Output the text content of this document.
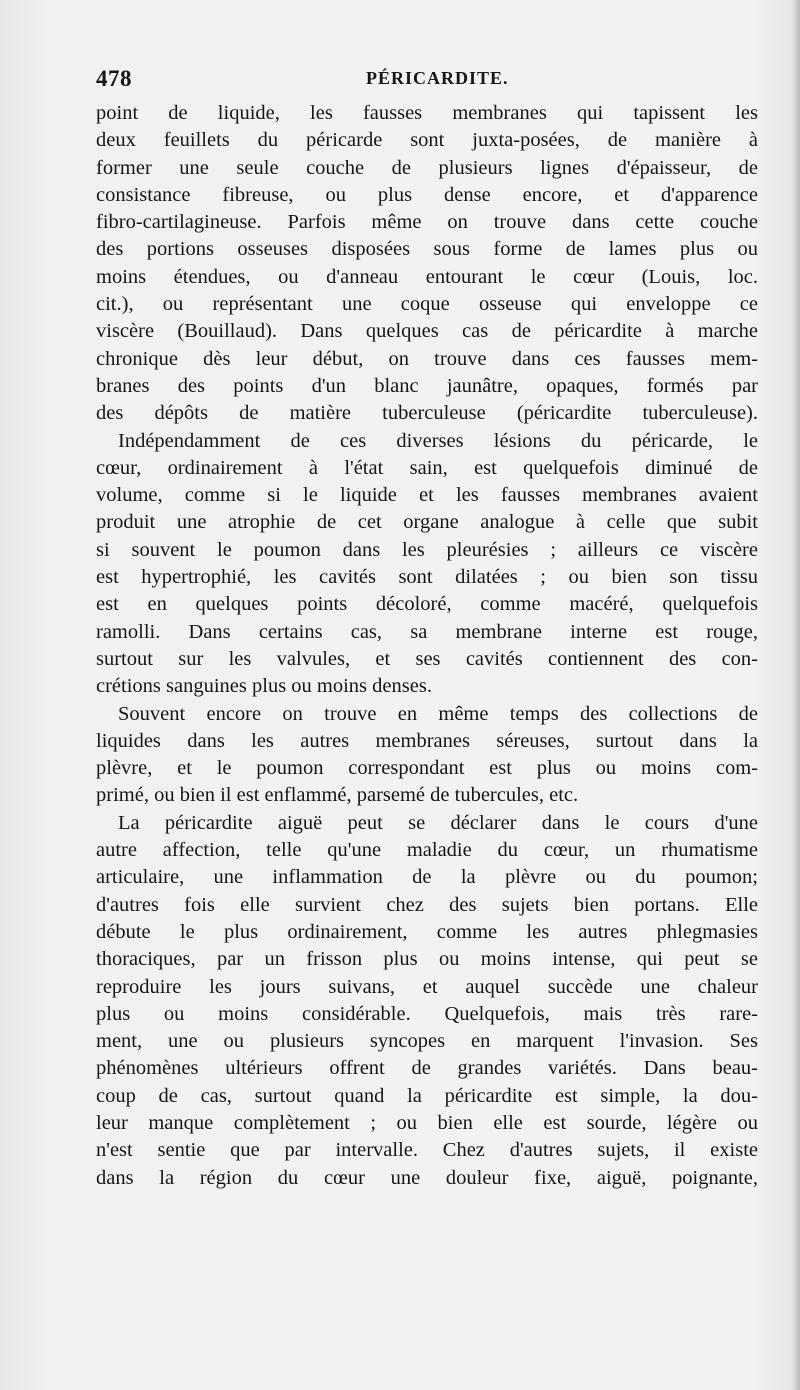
478	PÉRICARDITE.
point de liquide, les fausses membranes qui tapissent les
deux feuillets du péricarde sont juxta-posées, de manière à
former une seule couche de plusieurs lignes d'épaisseur, de
consistance fibreuse, ou plus dense encore, et d'apparence
fibro-cartilagineuse. Parfois même on trouve dans cette couche
des portions osseuses disposées sous forme de lames plus ou
moins étendues, ou d'anneau entourant le cœur (Louis, loc.
cit.), ou représentant une coque osseuse qui enveloppe ce
viscère (Bouillaud). Dans quelques cas de péricardite à marche
chronique dès leur début, on trouve dans ces fausses mem-
branes des points d'un blanc jaunâtre, opaques, formés par
des dépôts de matière tuberculeuse (péricardite tuberculeuse).
Indépendamment de ces diverses lésions du péricarde, le
cœur, ordinairement à l'état sain, est quelquefois diminué de
volume, comme si le liquide et les fausses membranes avaient
produit une atrophie de cet organe analogue à celle que subit
si souvent le poumon dans les pleurésies ; ailleurs ce viscère
est hypertrophié, les cavités sont dilatées ; ou bien son tissu
est en quelques points décoloré, comme macéré, quelquefois
ramolli. Dans certains cas, sa membrane interne est rouge,
surtout sur les valvules, et ses cavités contiennent des con-
crétions sanguines plus ou moins denses.
Souvent encore on trouve en même temps des collections de
liquides dans les autres membranes séreuses, surtout dans la
plèvre, et le poumon correspondant est plus ou moins com-
primé, ou bien il est enflammé, parsemé de tubercules, etc.
La péricardite aiguë peut se déclarer dans le cours d'une
autre affection, telle qu'une maladie du cœur, un rhumatisme
articulaire, une inflammation de la plèvre ou du poumon;
d'autres fois elle survient chez des sujets bien portans. Elle
débute le plus ordinairement, comme les autres phlegmasies
thoraciques, par un frisson plus ou moins intense, qui peut se
reproduire les jours suivans, et auquel succède une chaleur
plus ou moins considérable. Quelquefois, mais très rare-
ment, une ou plusieurs syncopes en marquent l'invasion. Ses
phénomènes ultérieurs offrent de grandes variétés. Dans beau-
coup de cas, surtout quand la péricardite est simple, la dou-
leur manque complètement ; ou bien elle est sourde, légère ou
n'est sentie que par intervalle. Chez d'autres sujets, il existe
dans la région du cœur une douleur fixe, aiguë, poignante,
